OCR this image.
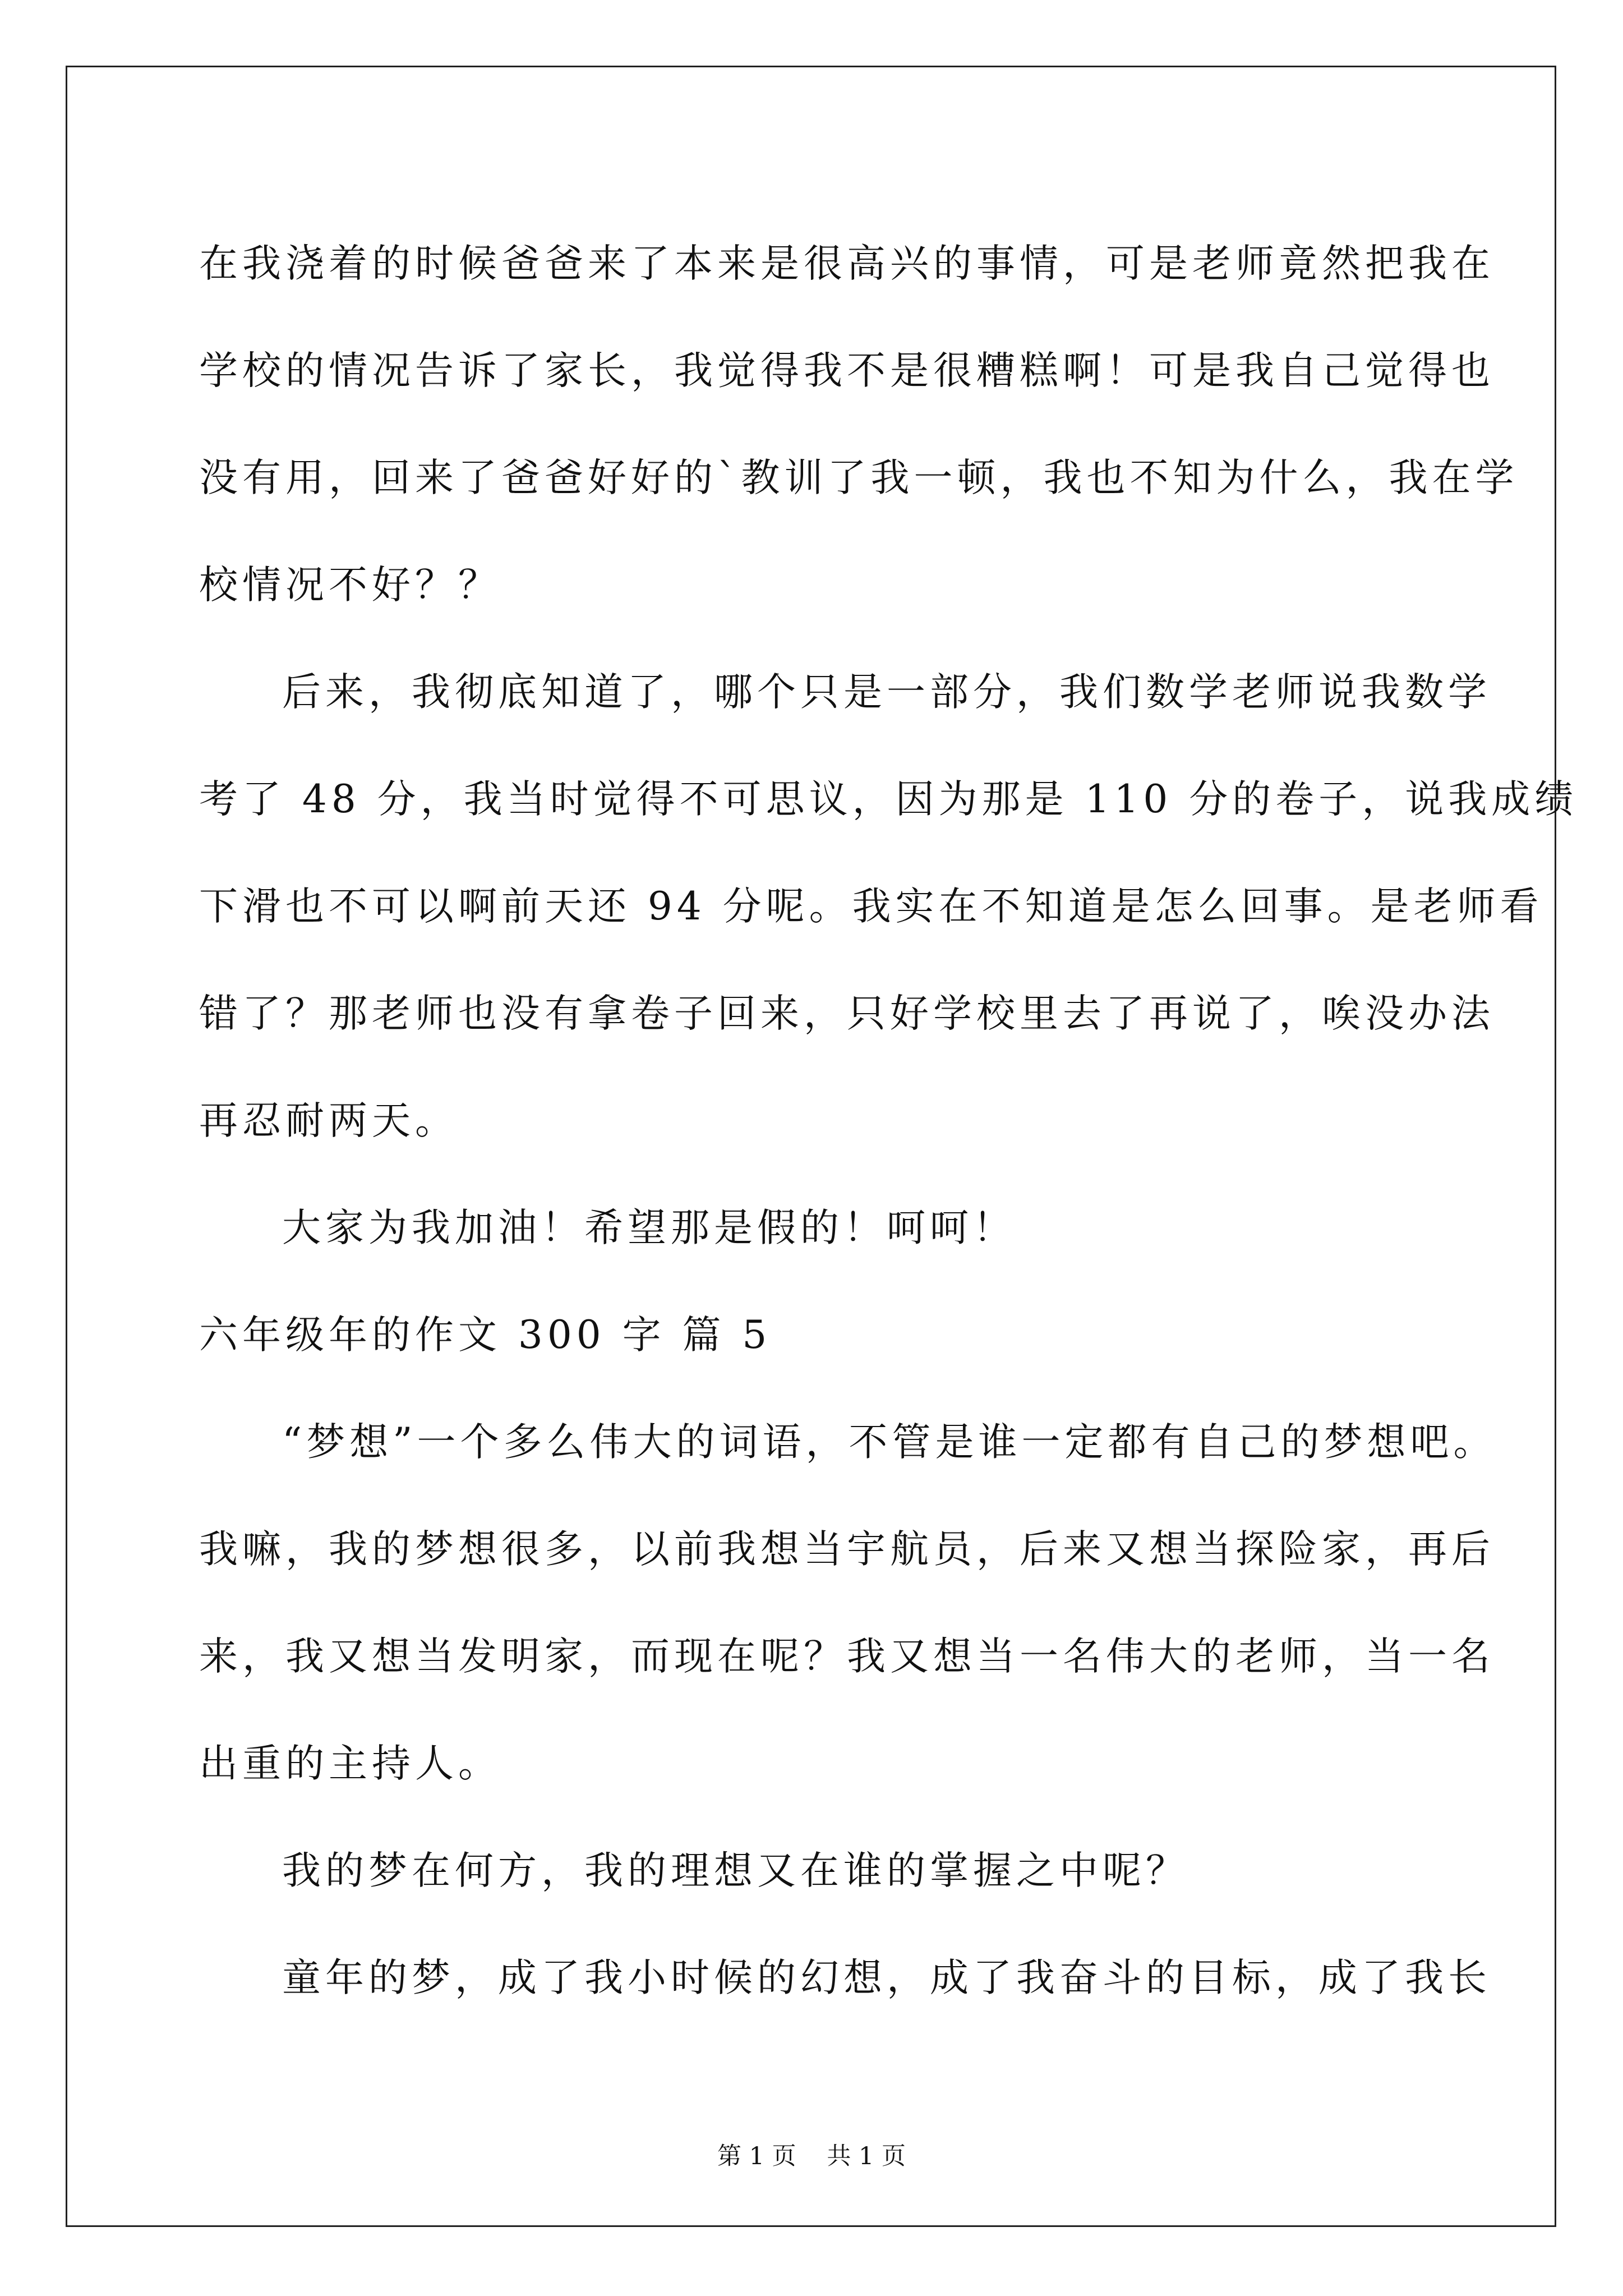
在我浇着的时候爸爸来了本来是很高兴的事情，可是老师竟然把我在
学校的情况告诉了家长，我觉得我不是很糟糕啊！可是我自己觉得也
没有用，回来了爸爸好好的`教训了我一顿，我也不知为什么，我在学
校情况不好？？
后来，我彻底知道了，哪个只是一部分，我们数学老师说我数学
考了 48 分，我当时觉得不可思议，因为那是 110 分的卷子，说我成绩
下滑也不可以啊前天还 94 分呢。我实在不知道是怎么回事。是老师看
错了？那老师也没有拿卷子回来，只好学校里去了再说了，唉没办法
再忍耐两天。
大家为我加油！希望那是假的！呵呵！
六年级年的作文 300 字 篇 5
“梦想”一个多么伟大的词语，不管是谁一定都有自己的梦想吧。
我嘛，我的梦想很多，以前我想当宇航员，后来又想当探险家，再后
来，我又想当发明家，而现在呢？我又想当一名伟大的老师，当一名
出重的主持人。
我的梦在何方，我的理想又在谁的掌握之中呢？
童年的梦，成了我小时候的幻想，成了我奋斗的目标，成了我长
第 1 页    共 1 页
